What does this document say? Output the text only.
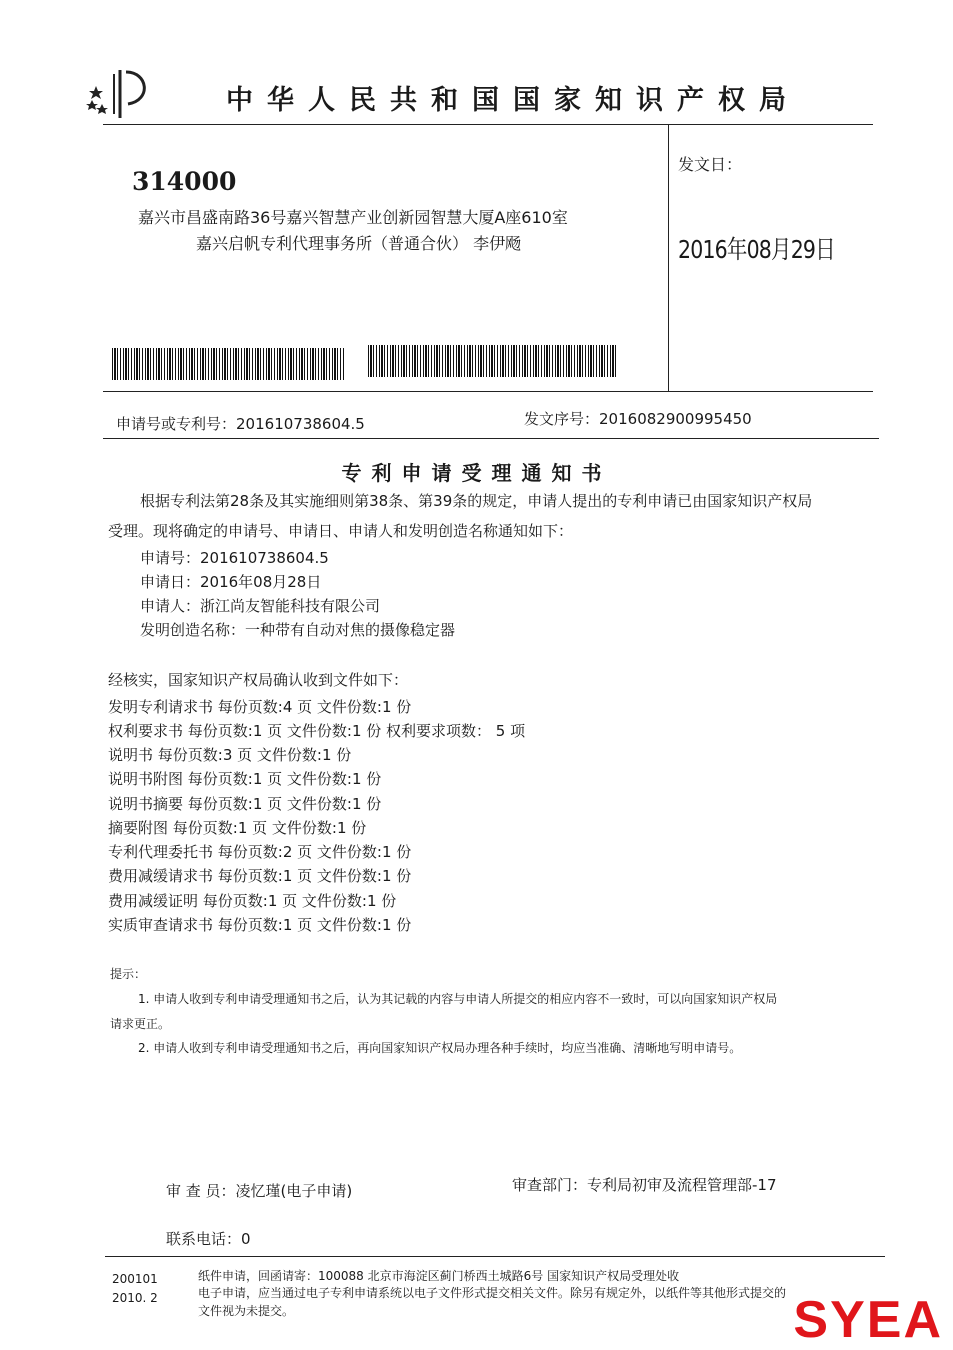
中华人民共和国国家知识产权局
314000
嘉兴市昌盛南路36号嘉兴智慧产业创新园智慧大厦A座610室
嘉兴启帆专利代理事务所（普通合伙） 李伊飏
发文日：
2016年08月29日
申请号或专利号：201610738604.5	发文序号：2016082900995450
专利申请受理通知书
根据专利法第28条及其实施细则第38条、第39条的规定，申请人提出的专利申请已由国家知识产权局
受理。现将确定的申请号、申请日、申请人和发明创造名称通知如下：
申请号：201610738604.5
申请日：2016年08月28日
申请人：浙江尚友智能科技有限公司
发明创造名称：一种带有自动对焦的摄像稳定器
经核实，国家知识产权局确认收到文件如下：
发明专利请求书 每份页数:4 页 文件份数:1 份
权利要求书 每份页数:1 页 文件份数:1 份 权利要求项数： 5 项
说明书 每份页数:3 页 文件份数:1 份
说明书附图 每份页数:1 页 文件份数:1 份
说明书摘要 每份页数:1 页 文件份数:1 份
摘要附图 每份页数:1 页 文件份数:1 份
专利代理委托书 每份页数:2 页 文件份数:1 份
费用减缓请求书 每份页数:1 页 文件份数:1 份
费用减缓证明 每份页数:1 页 文件份数:1 份
实质审查请求书 每份页数:1 页 文件份数:1 份
提示：
1. 申请人收到专利申请受理通知书之后，认为其记载的内容与申请人所提交的相应内容不一致时，可以向国家知识产权局
请求更正。
2. 申请人收到专利申请受理通知书之后，再向国家知识产权局办理各种手续时，均应当准确、清晰地写明申请号。
审 查 员：凌忆瑾(电子申请)	审查部门：专利局初审及流程管理部-17
联系电话：0
200101
2010. 2
纸件申请，回函请寄：100088 北京市海淀区蓟门桥西土城路6号 国家知识产权局受理处收
电子申请，应当通过电子专利申请系统以电子文件形式提交相关文件。除另有规定外，以纸件等其他形式提交的
文件视为未提交。	SYEA
